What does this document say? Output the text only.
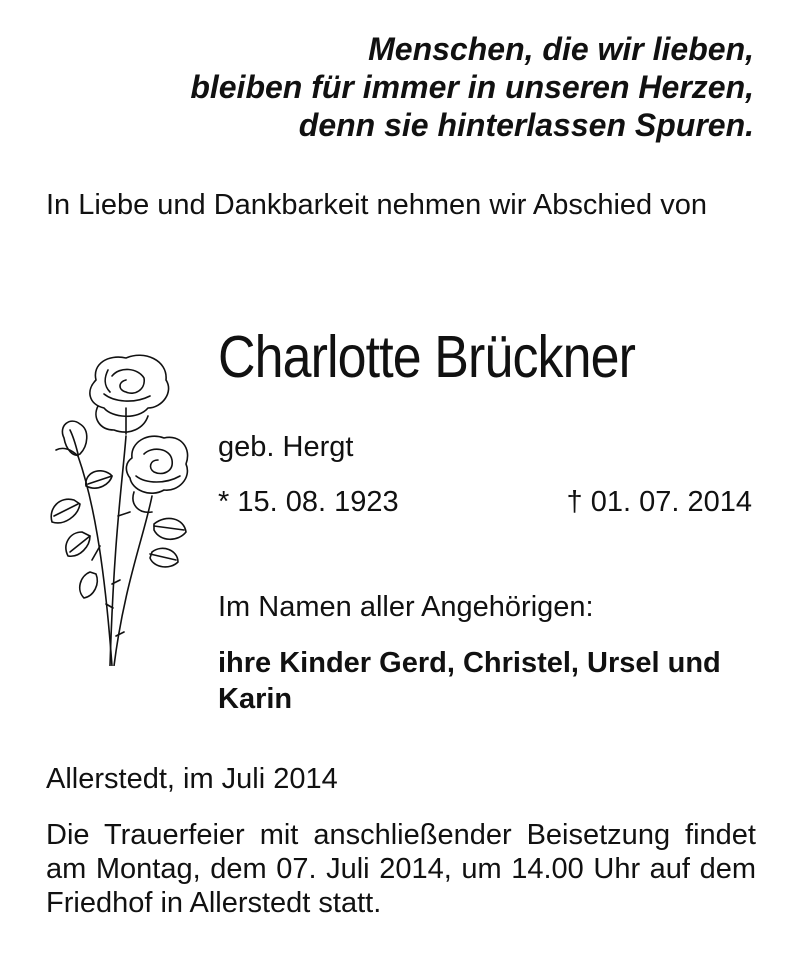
Menschen, die wir lieben,
bleiben für immer in unseren Herzen,
denn sie hinterlassen Spuren.
In Liebe und Dankbarkeit nehmen wir Abschied von
Charlotte Brückner
geb. Hergt
* 15. 08. 1923	† 01. 07. 2014
Im Namen aller Angehörigen:
ihre Kinder Gerd, Christel, Ursel und Karin
Allerstedt, im Juli 2014

Die Trauerfeier mit anschließender Beisetzung findet am Montag, dem 07. Juli 2014, um 14.00 Uhr auf dem Friedhof in Allerstedt statt.
